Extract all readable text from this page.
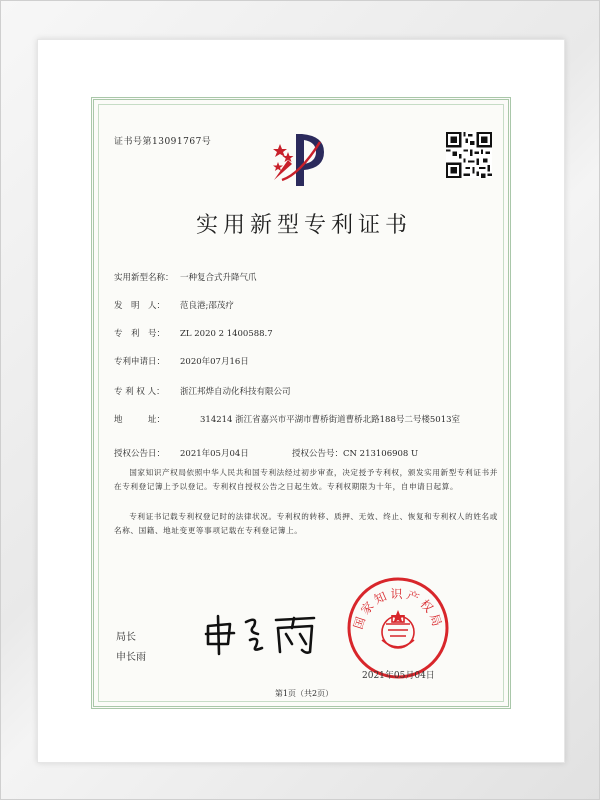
证书号第13091767号
实用新型专利证书
实用新型名称： 一种复合式升降气爪
发　明　人： 范良港;邵茂疗
专　利　号： ZL 2020 2 1400588.7
专利申请日： 2020年07月16日
专 利 权 人： 浙江邦烨自动化科技有限公司
地　　　址：	314214 浙江省嘉兴市平湖市曹桥街道曹桥北路188号二号楼5013室
授权公告日： 2021年05月04日	授权公告号：CN 213106908 U
国家知识产权局依照中华人民共和国专利法经过初步审查，决定授予专利权，颁发实用新型专利证书并在专利登记簿上予以登记。专利权自授权公告之日起生效。专利权期限为十年，自申请日起算。
专利证书记载专利权登记时的法律状况。专利权的转移、质押、无效、终止、恢复和专利权人的姓名或名称、国籍、地址变更等事项记载在专利登记簿上。
局长
申长雨
国家知识产权局
2021年05月04日
第1页（共2页）
